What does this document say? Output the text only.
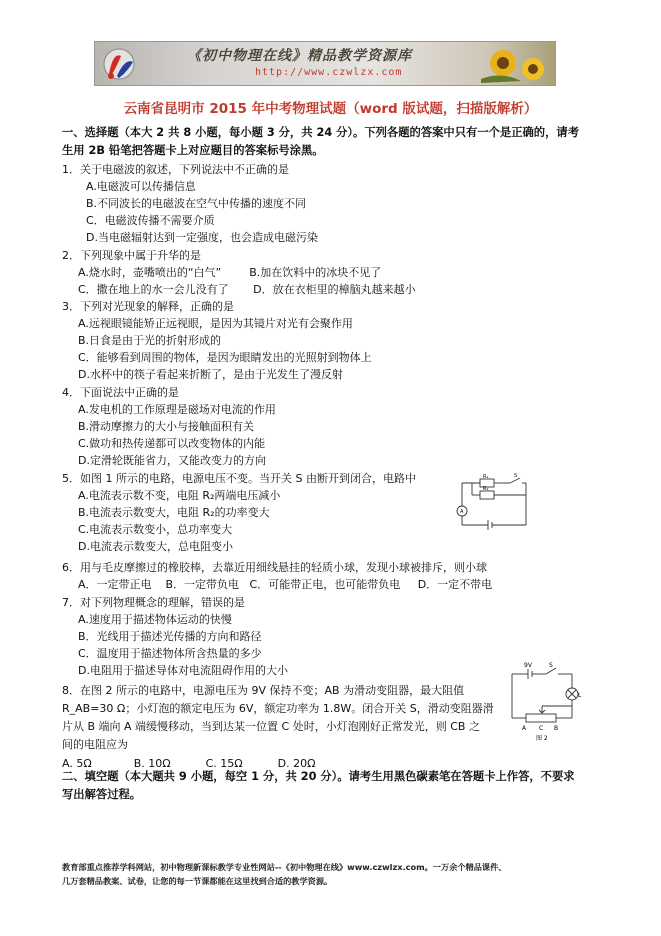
《初中物理在线》精品教学资源库
http://www.czwlzx.com
云南省昆明市 2015 年中考物理试题（word 版试题，扫描版解析）
一、选择题（本大 2 共 8 小题，每小题 3 分，共 24 分）。下列各题的答案中只有一个是正确的，请考
生用 2B 铅笔把答题卡上对应题目的答案标号涂黑。
1．关于电磁波的叙述，下列说法中不正确的是
A.电磁波可以传播信息
B.不同波长的电磁波在空气中传播的速度不同
C．电磁波传播不需要介质
D.当电磁辐射达到一定强度，也会造成电磁污染
2．下列现象中属于升华的是
A.烧水时，壶嘴喷出的“白气”        B.加在饮料中的冰块不见了
C．撒在地上的水一会儿没有了       D．放在衣柜里的樟脑丸越来越小
3．下列对光现象的解释，正确的是
A.远视眼镜能矫正远视眼，是因为其镜片对光有会聚作用
B.日食是由于光的折射形成的
C．能够看到周围的物体，是因为眼睛发出的光照射到物体上
D.水杯中的筷子看起来折断了，是由于光发生了漫反射
4．下面说法中正确的是
A.发电机的工作原理是磁场对电流的作用
B.滑动摩擦力的大小与接触面积有关
C.做功和热传递都可以改变物体的内能
D.定滑轮既能省力，又能改变力的方向
5．如图 1 所示的电路，电源电压不变。当开关 S 由断开到闭合，电路中
A.电流表示数不变，电阻 R₂两端电压减小
B.电流表示数变大，电阻 R₂的功率变大
C.电流表示数变小，总功率变大
D.电流表示数变大，总电阻变小
R₁
R₂
S
A
6．用与毛皮摩擦过的橡胶棒，去靠近用细线悬挂的轻质小球，发现小球被排斥，则小球
A．一定带正电    B．一定带负电   C．可能带正电，也可能带负电     D．一定不带电
7．对下列物理概念的理解，错误的是
A.速度用于描述物体运动的快慢
B．光线用于描述光传播的方向和路径
C．温度用于描述物体所含热量的多少
D.电阻用于描述导体对电流阻碍作用的大小
8．在图 2 所示的电路中，电源电压为 9V 保持不变；AB 为滑动变阻器，最大阻值
R_AB=30 Ω；小灯泡的额定电压为 6V，额定功率为 1.8W。闭合开关 S，滑动变阻器滑
片从 B 端向 A 端缓慢移动，当到达某一位置 C 处时，小灯泡刚好正常发光，则 CB 之
间的电阻应为
A. 5Ω            B. 10Ω          C. 15Ω          D. 20Ω
9V	S
L
A C B
图 2
二、填空题（本大题共 9 小题，每空 1 分，共 20 分）。请考生用黑色碳素笔在答题卡上作答，不要求
写出解答过程。
教育部重点推荐学科网站，初中物理新课标教学专业性网站--《初中物理在线》www.czwlzx.com。一万余个精品课件、
几万套精品教案、试卷，让您的每一节课都能在这里找到合适的教学资源。
